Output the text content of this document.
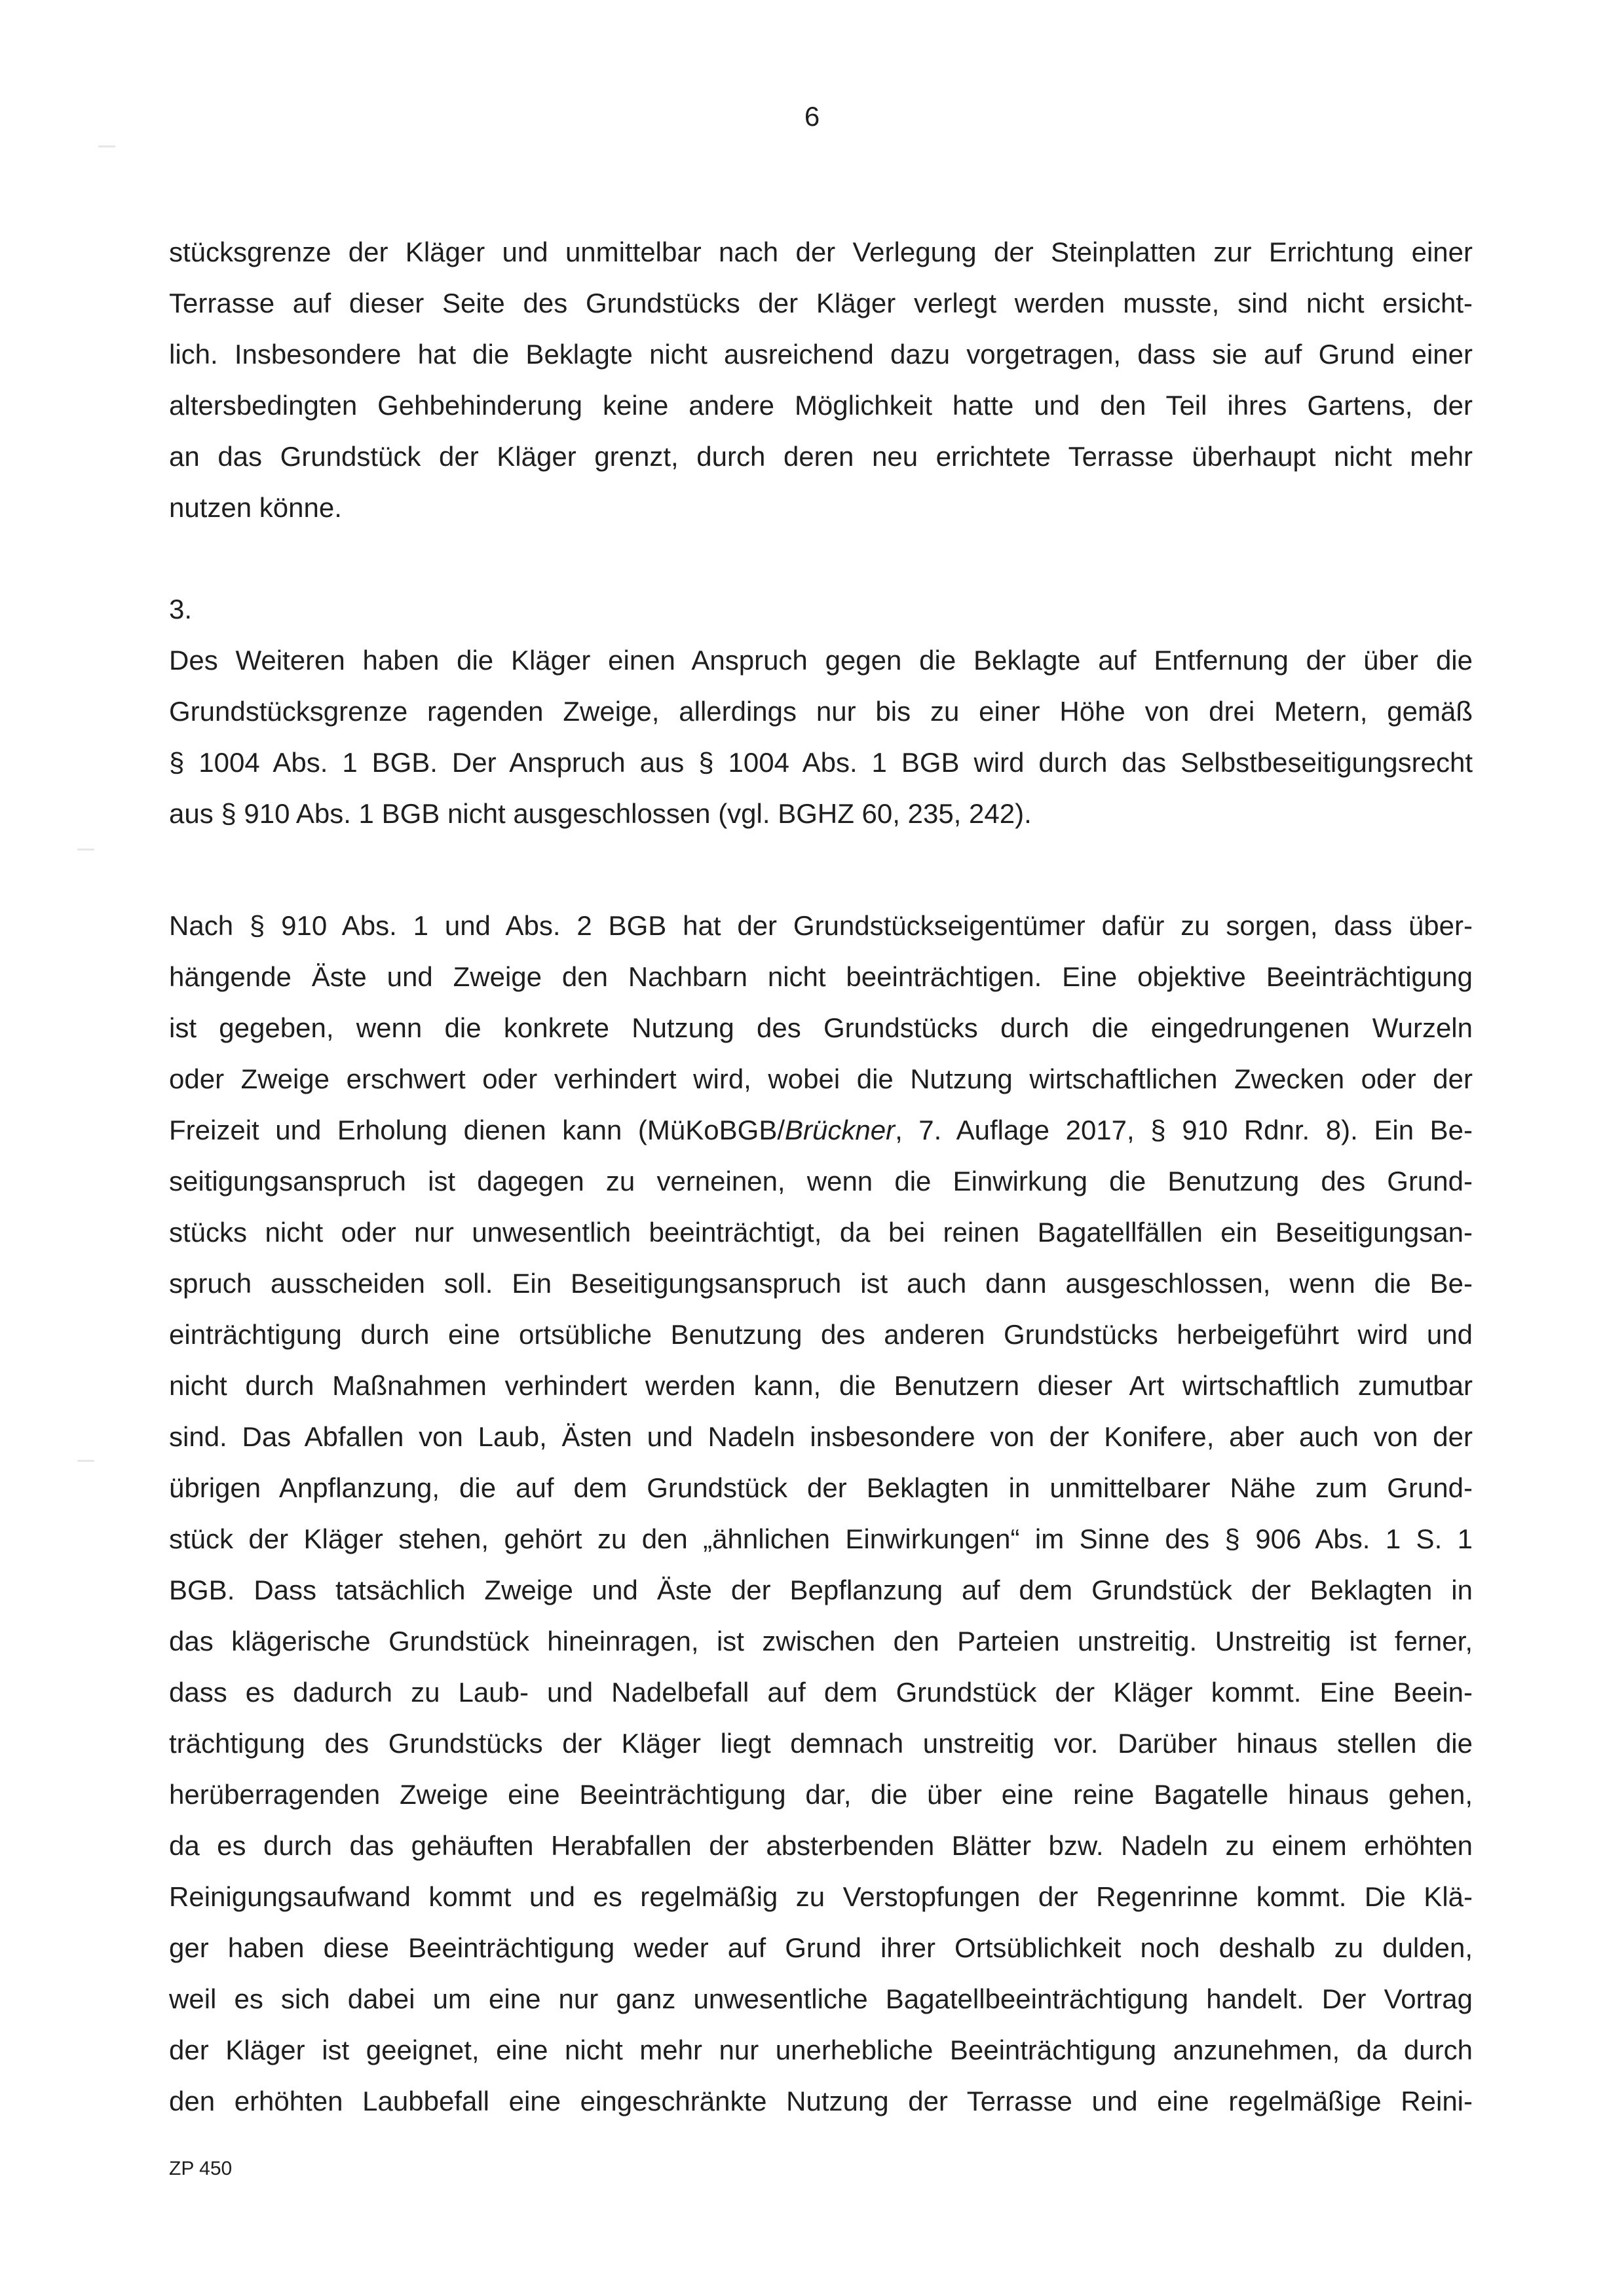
6
stücksgrenze der Kläger und unmittelbar nach der Verlegung der Steinplatten zur Errichtung einer
Terrasse auf dieser Seite des Grundstücks der Kläger verlegt werden musste, sind nicht ersicht-
lich. Insbesondere hat die Beklagte nicht ausreichend dazu vorgetragen, dass sie auf Grund einer
altersbedingten Gehbehinderung keine andere Möglichkeit hatte und den Teil ihres Gartens, der
an das Grundstück der Kläger grenzt, durch deren neu errichtete Terrasse überhaupt nicht mehr
nutzen könne.
3.
Des Weiteren haben die Kläger einen Anspruch gegen die Beklagte auf Entfernung der über die
Grundstücksgrenze ragenden Zweige, allerdings nur bis zu einer Höhe von drei Metern, gemäß
§ 1004 Abs. 1 BGB. Der Anspruch aus § 1004 Abs. 1 BGB wird durch das Selbstbeseitigungsrecht
aus § 910 Abs. 1 BGB nicht ausgeschlossen (vgl. BGHZ 60, 235, 242).
Nach § 910 Abs. 1 und Abs. 2 BGB hat der Grundstückseigentümer dafür zu sorgen, dass über-
hängende Äste und Zweige den Nachbarn nicht beeinträchtigen. Eine objektive Beeinträchtigung
ist gegeben, wenn die konkrete Nutzung des Grundstücks durch die eingedrungenen Wurzeln
oder Zweige erschwert oder verhindert wird, wobei die Nutzung wirtschaftlichen Zwecken oder der
Freizeit und Erholung dienen kann (MüKoBGB/Brückner, 7. Auflage 2017, § 910 Rdnr. 8). Ein Be-
seitigungsanspruch ist dagegen zu verneinen, wenn die Einwirkung die Benutzung des Grund-
stücks nicht oder nur unwesentlich beeinträchtigt, da bei reinen Bagatellfällen ein Beseitigungsan-
spruch ausscheiden soll. Ein Beseitigungsanspruch ist auch dann ausgeschlossen, wenn die Be-
einträchtigung durch eine ortsübliche Benutzung des anderen Grundstücks herbeigeführt wird und
nicht durch Maßnahmen verhindert werden kann, die Benutzern dieser Art wirtschaftlich zumutbar
sind. Das Abfallen von Laub, Ästen und Nadeln insbesondere von der Konifere, aber auch von der
übrigen Anpflanzung, die auf dem Grundstück der Beklagten in unmittelbarer Nähe zum Grund-
stück der Kläger stehen, gehört zu den „ähnlichen Einwirkungen“ im Sinne des § 906 Abs. 1 S. 1
BGB. Dass tatsächlich Zweige und Äste der Bepflanzung auf dem Grundstück der Beklagten in
das klägerische Grundstück hineinragen, ist zwischen den Parteien unstreitig. Unstreitig ist ferner,
dass es dadurch zu Laub- und Nadelbefall auf dem Grundstück der Kläger kommt. Eine Beein-
trächtigung des Grundstücks der Kläger liegt demnach unstreitig vor. Darüber hinaus stellen die
herüberragenden Zweige eine Beeinträchtigung dar, die über eine reine Bagatelle hinaus gehen,
da es durch das gehäuften Herabfallen der absterbenden Blätter bzw. Nadeln zu einem erhöhten
Reinigungsaufwand kommt und es regelmäßig zu Verstopfungen der Regenrinne kommt. Die Klä-
ger haben diese Beeinträchtigung weder auf Grund ihrer Ortsüblichkeit noch deshalb zu dulden,
weil es sich dabei um eine nur ganz unwesentliche Bagatellbeeinträchtigung handelt. Der Vortrag
der Kläger ist geeignet, eine nicht mehr nur unerhebliche Beeinträchtigung anzunehmen, da durch
den erhöhten Laubbefall eine eingeschränkte Nutzung der Terrasse und eine regelmäßige Reini-
ZP 450
